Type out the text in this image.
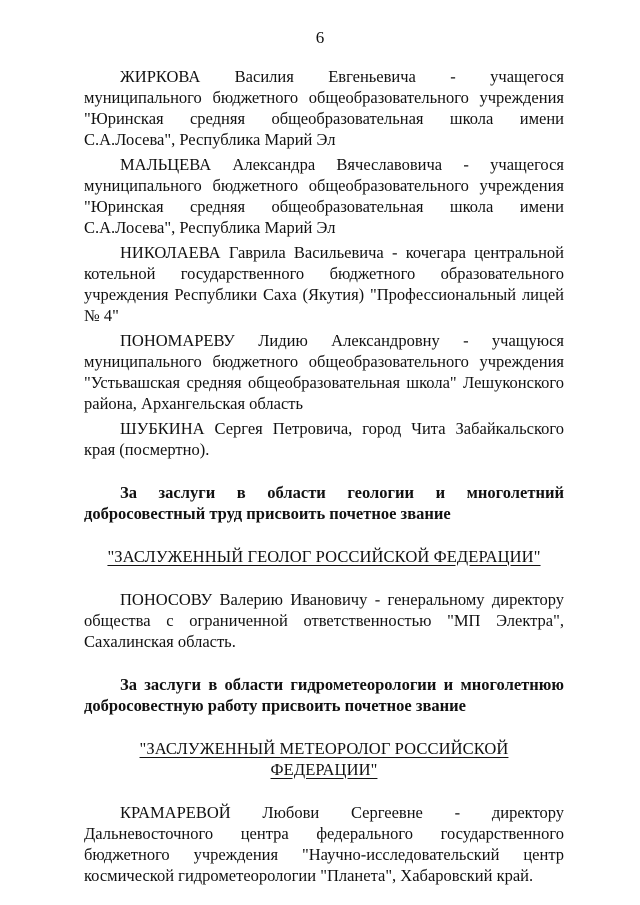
6

ЖИРКОВА Василия Евгеньевича - учащегося муниципального бюджетного общеобразовательного учреждения "Юринская средняя общеобразовательная школа имени С.А.Лосева", Республика Марий Эл

МАЛЬЦЕВА Александра Вячеславовича - учащегося муниципального бюджетного общеобразовательного учреждения "Юринская средняя общеобразовательная школа имени С.А.Лосева", Республика Марий Эл

НИКОЛАЕВА Гаврила Васильевича - кочегара центральной котельной государственного бюджетного образовательного учреждения Республики Саха (Якутия) "Профессиональный лицей № 4"

ПОНОМАРЕВУ Лидию Александровну - учащуюся муниципального бюджетного общеобразовательного учреждения "Устьвашская средняя общеобразовательная школа" Лешуконского района, Архангельская область

ШУБКИНА Сергея Петровича, город Чита Забайкальского края (посмертно).

За заслуги в области геологии и многолетний добросовестный труд присвоить почетное звание

"ЗАСЛУЖЕННЫЙ ГЕОЛОГ РОССИЙСКОЙ ФЕДЕРАЦИИ"

ПОНОСОВУ Валерию Ивановичу - генеральному директору общества с ограниченной ответственностью "МП Электра", Сахалинская область.

За заслуги в области гидрометеорологии и многолетнюю добросовестную работу присвоить почетное звание

"ЗАСЛУЖЕННЫЙ МЕТЕОРОЛОГ РОССИЙСКОЙ ФЕДЕРАЦИИ"

КРАМАРЕВОЙ Любови Сергеевне - директору Дальневосточного центра федерального государственного бюджетного учреждения "Научно-исследовательский центр космической гидрометеорологии "Планета", Хабаровский край.
